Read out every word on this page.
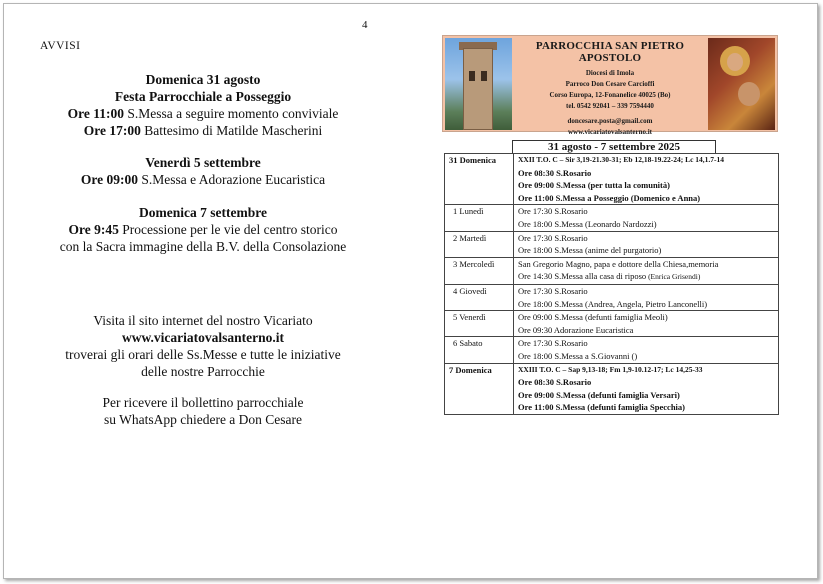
4
AVVISI

Domenica 31 agosto

Festa Parrocchiale a Posseggio

Ore 11:00 S.Messa a seguire momento conviviale

Ore 17:00 Battesimo di Matilde Mascherini

Venerdì 5 settembre

Ore 09:00 S.Messa e Adorazione Eucaristica

Domenica 7 settembre

Ore 9:45 Processione per le vie del centro storico

con la Sacra immagine della B.V. della Consolazione

Visita il sito internet del nostro Vicariato

www.vicariatovalsanterno.it

troverai gli orari delle Ss.Messe e tutte le iniziative

delle nostre Parrocchie

Per ricevere il bollettino parrocchiale

su WhatsApp chiedere a Don Cesare

PARROCCHIA SAN PIETRO APOSTOLO
Diocesi di Imola
Parroco Don Cesare Carcioffi
Corso Europa, 12-Fonanelice 40025 (Bo)
tel. 0542 92041 – 339 7594440
doncesare.posta@gmail.com
www.vicariatovalsanterno.it
31 agosto - 7 settembre 2025
31 Domenica	XXII T.O. C – Sir 3,19-21.30-31; Eb 12,18-19.22-24; Lc 14,1.7-14
Ore 08:30 S.Rosario
Ore 09:00 S.Messa (per tutta la comunità)
Ore 11:00 S.Messa a Posseggio (Domenico e Anna)

1 Lunedì	Ore 17:30 S.Rosario
Ore 18:00 S.Messa (Leonardo Nardozzi)

2 Martedì	Ore 17:30 S.Rosario
Ore 18:00 S.Messa (anime del purgatorio)

3 Mercoledì	San Gregorio Magno, papa e dottore della Chiesa,memoria
Ore 14:30 S.Messa alla casa di riposo (Enrica Grisendi)

4 Giovedì	Ore 17:30 S.Rosario
Ore 18:00 S.Messa (Andrea, Angela, Pietro Lanconelli)

5 Venerdì	Ore 09:00 S.Messa (defunti famiglia Meoli)
Ore 09:30 Adorazione Eucaristica

6 Sabato	Ore 17:30 S.Rosario
Ore 18:00 S.Messa a S.Giovanni ()

7 Domenica	XXIII T.O. C – Sap 9,13-18; Fm 1,9-10.12-17; Lc 14,25-33
Ore 08:30 S.Rosario
Ore 09:00 S.Messa (defunti famiglia Versari)
Ore 11:00 S.Messa (defunti famiglia Specchia)
